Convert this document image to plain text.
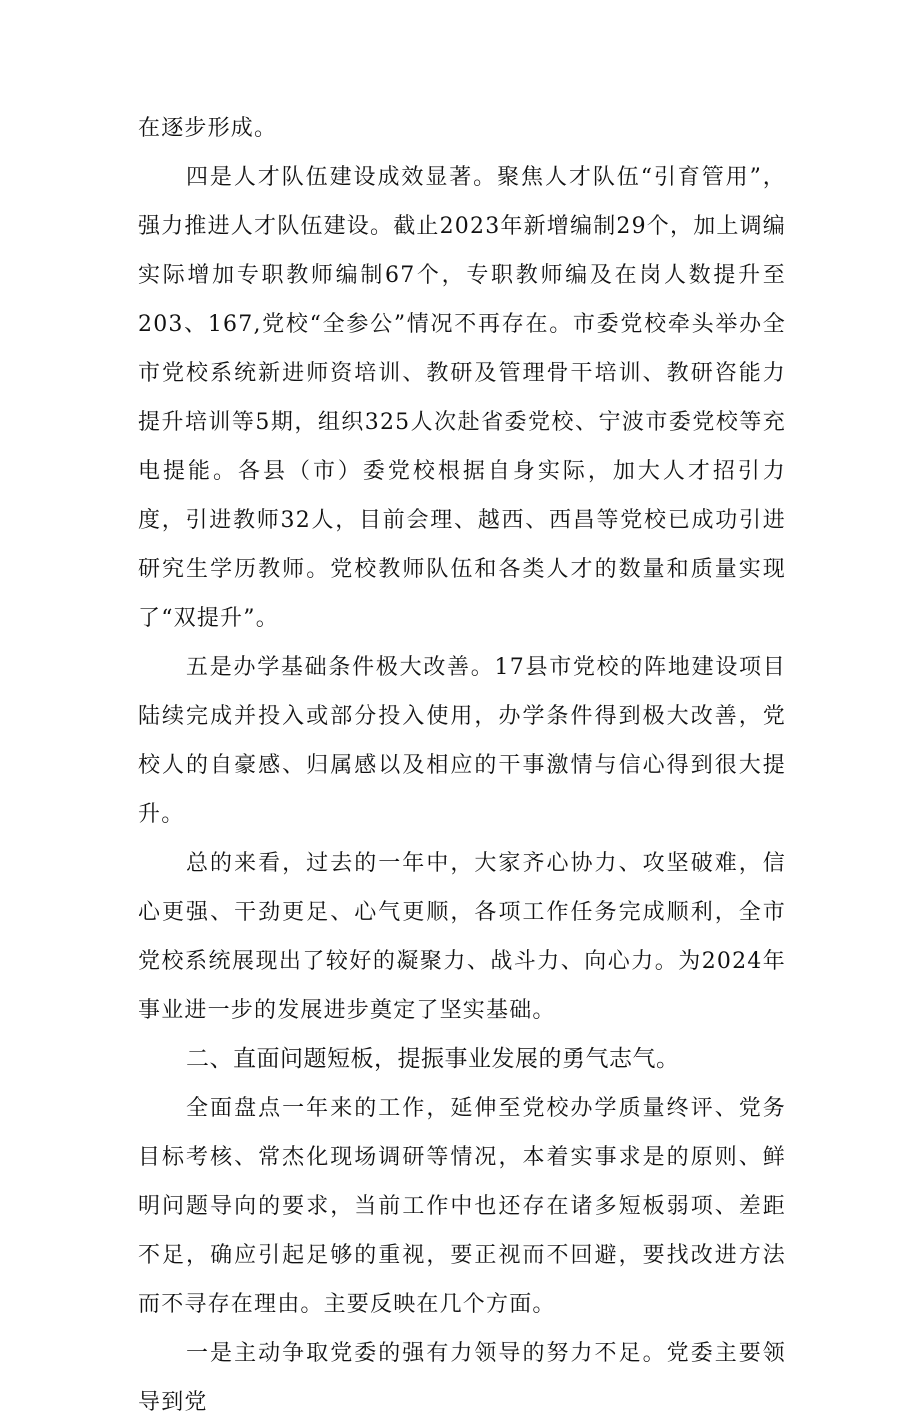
在逐步形成。

四是人才队伍建设成效显著。聚焦人才队伍“引育管用”，强力推进人才队伍建设。截止2023年新增编制29个，加上调编实际增加专职教师编制67个，专职教师编及在岗人数提升至203、167,党校“全参公”情况不再存在。市委党校牵头举办全市党校系统新进师资培训、教研及管理骨干培训、教研咨能力提升培训等5期，组织325人次赴省委党校、宁波市委党校等充电提能。各县（市）委党校根据自身实际，加大人才招引力度，引进教师32人，目前会理、越西、西昌等党校已成功引进研究生学历教师。党校教师队伍和各类人才的数量和质量实现了“双提升”。

五是办学基础条件极大改善。17县市党校的阵地建设项目陆续完成并投入或部分投入使用，办学条件得到极大改善，党校人的自豪感、归属感以及相应的干事激情与信心得到很大提升。

总的来看，过去的一年中，大家齐心协力、攻坚破难，信心更强、干劲更足、心气更顺，各项工作任务完成顺利，全市党校系统展现出了较好的凝聚力、战斗力、向心力。为2024年事业进一步的发展进步奠定了坚实基础。

二、直面问题短板，提振事业发展的勇气志气。

全面盘点一年来的工作，延伸至党校办学质量终评、党务目标考核、常杰化现场调研等情况，本着实事求是的原则、鲜明问题导向的要求，当前工作中也还存在诸多短板弱项、差距不足，确应引起足够的重视，要正视而不回避，要找改进方法而不寻存在理由。主要反映在几个方面。

一是主动争取党委的强有力领导的努力不足。党委主要领导到党
